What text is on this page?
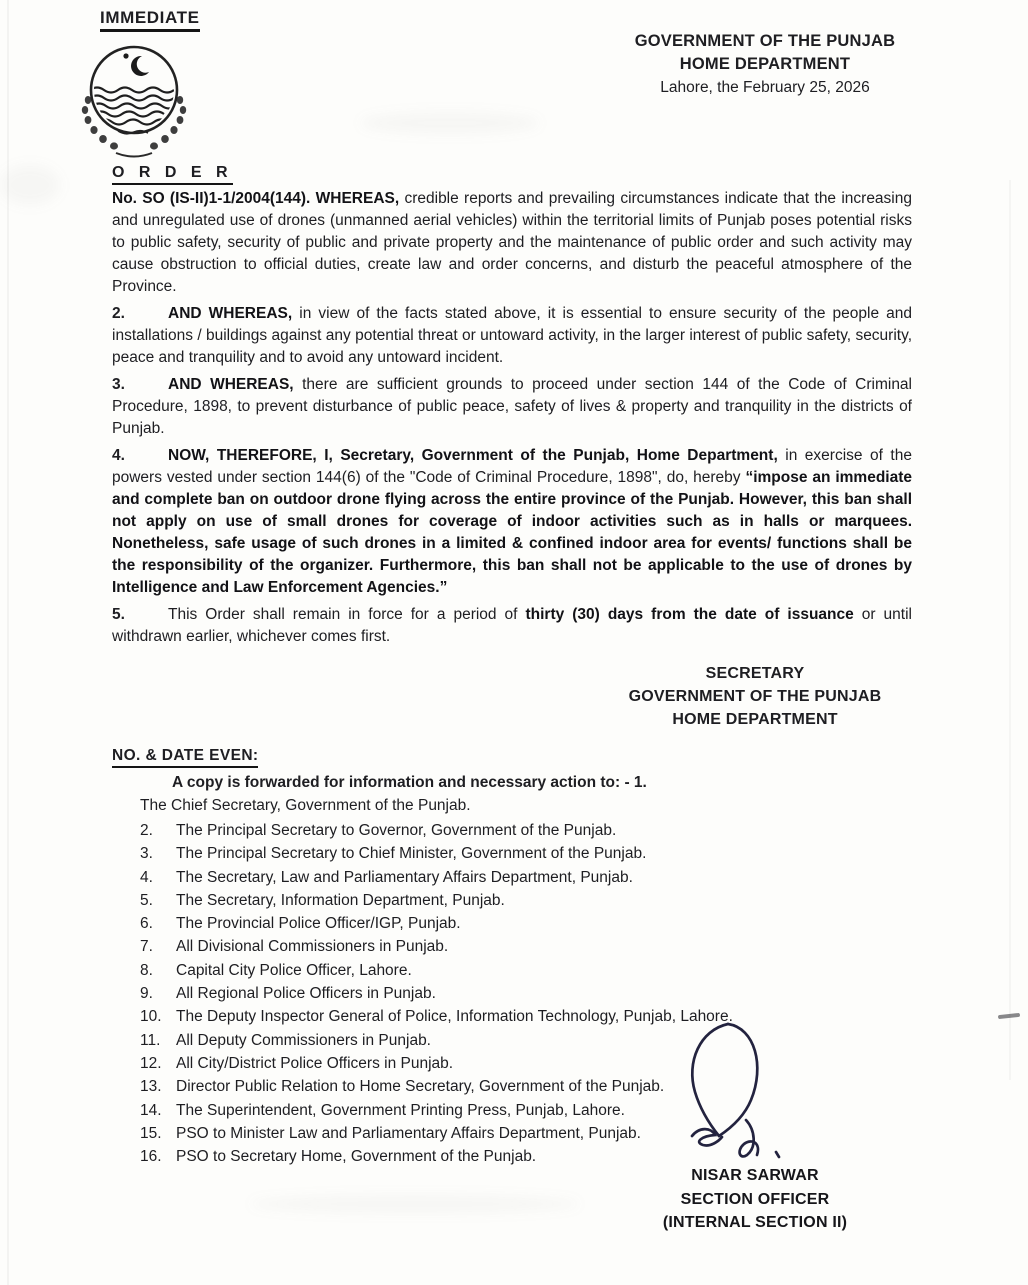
IMMEDIATE
GOVERNMENT OF THE PUNJAB
HOME DEPARTMENT
Lahore, the February 25, 2026
O R D E R

No. SO (IS-II)1-1/2004(144). WHEREAS, credible reports and prevailing circumstances indicate that the increasing and unregulated use of drones (unmanned aerial vehicles) within the territorial limits of Punjab poses potential risks to public safety, security of public and private property and the maintenance of public order and such activity may cause obstruction to official duties, create law and order concerns, and disturb the peaceful atmosphere of the Province.

2.	AND WHEREAS, in view of the facts stated above, it is essential to ensure security of the people and installations / buildings against any potential threat or untoward activity, in the larger interest of public safety, security, peace and tranquility and to avoid any untoward incident.

3.	AND WHEREAS, there are sufficient grounds to proceed under section 144 of the Code of Criminal Procedure, 1898, to prevent disturbance of public peace, safety of lives & property and tranquility in the districts of Punjab.

4.	NOW, THEREFORE, I, Secretary, Government of the Punjab, Home Department, in exercise of the powers vested under section 144(6) of the "Code of Criminal Procedure, 1898", do, hereby “impose an immediate and complete ban on outdoor drone flying across the entire province of the Punjab. However, this ban shall not apply on use of small drones for coverage of indoor activities such as in halls or marquees. Nonetheless, safe usage of such drones in a limited & confined indoor area for events/ functions shall be the responsibility of the organizer. Furthermore, this ban shall not be applicable to the use of drones by Intelligence and Law Enforcement Agencies.”

5.	This Order shall remain in force for a period of thirty (30) days from the date of issuance or until withdrawn earlier, whichever comes first.

SECRETARY
GOVERNMENT OF THE PUNJAB
HOME DEPARTMENT
NO. & DATE EVEN:
A copy is forwarded for information and necessary action to: - 1.
The Chief Secretary, Government of the Punjab.
2.	The Principal Secretary to Governor, Government of the Punjab.
3.	The Principal Secretary to Chief Minister, Government of the Punjab.
4.	The Secretary, Law and Parliamentary Affairs Department, Punjab.
5.	The Secretary, Information Department, Punjab.
6.	The Provincial Police Officer/IGP, Punjab.
7.	All Divisional Commissioners in Punjab.
8.	Capital City Police Officer, Lahore.
9.	All Regional Police Officers in Punjab.
10. The Deputy Inspector General of Police, Information Technology, Punjab, Lahore.
11.	All Deputy Commissioners in Punjab.
12. All City/District Police Officers in Punjab.
13. Director Public Relation to Home Secretary, Government of the Punjab.
14. The Superintendent, Government Printing Press, Punjab, Lahore.
15. PSO to Minister Law and Parliamentary Affairs Department, Punjab.
16. PSO to Secretary Home, Government of the Punjab.
NISAR SARWAR
SECTION OFFICER
(INTERNAL SECTION II)
